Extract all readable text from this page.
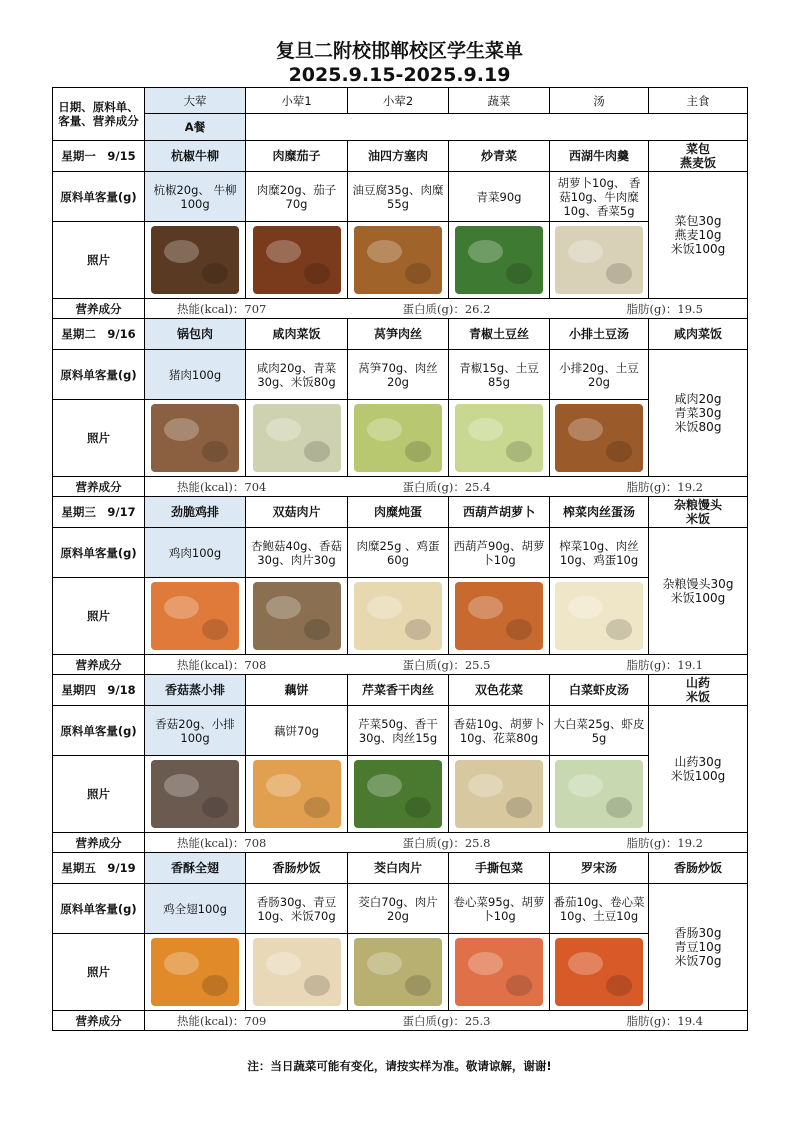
复旦二附校邯郸校区学生菜单
2025.9.15-2025.9.19
日期、原料单、客量、营养成分	大荤	小荤1	小荤2	蔬菜	汤	主食
	A餐					
星期一　9/15	杭椒牛柳	肉糜茄子	油四方塞肉	炒青菜	西湖牛肉羹	菜包
燕麦饭
原料单客量(g)	杭椒20g、 牛柳100g	肉糜20g、茄子70g	油豆腐35g、肉糜55g	青菜90g	胡萝卜10g、 香菇10g、牛肉糜10g、香菜5g	菜包30g
燕麦10g
米饭100g
照片		

营养成分	热能(kcal)：707 蛋白质(g)：26.2 脂肪(g)：19.5					

星期二　9/16	锅包肉	咸肉菜饭	莴笋肉丝	青椒土豆丝	小排土豆汤	咸肉菜饭
原料单客量(g)	猪肉100g	咸肉20g、青菜30g、米饭80g	莴笋70g、肉丝20g	青椒15g、土豆85g	小排20g、土豆20g	咸肉20g
青菜30g
米饭80g
照片		

营养成分	热能(kcal)：704 蛋白质(g)：25.4 脂肪(g)：19.2					

星期三　9/17	劲脆鸡排	双菇肉片	肉糜炖蛋	西葫芦胡萝卜	榨菜肉丝蛋汤	杂粮馒头
米饭
原料单客量(g)	鸡肉100g	杏鲍菇40g、香菇30g、肉片30g	肉糜25g 、鸡蛋60g	西葫芦90g、胡萝卜10g	榨菜10g、肉丝10g、鸡蛋10g	杂粮馒头30g
米饭100g
照片		

营养成分	热能(kcal)：708 蛋白质(g)：25.5 脂肪(g)：19.1					

星期四　9/18	香菇蒸小排	藕饼	芹菜香干肉丝	双色花菜	白菜虾皮汤	山药
米饭
原料单客量(g)	香菇20g、小排100g	藕饼70g	芹菜50g、香干30g、肉丝15g	香菇10g、胡萝卜10g、花菜80g	大白菜25g、虾皮5g	山药30g
米饭100g
照片		

营养成分	热能(kcal)：708 蛋白质(g)：25.8 脂肪(g)：19.2					

星期五　9/19	香酥全翅	香肠炒饭	茭白肉片	手撕包菜	罗宋汤	香肠炒饭
原料单客量(g)	鸡全翅100g	香肠30g、青豆10g、米饭70g	茭白70g、肉片20g	卷心菜95g、胡萝卜10g	番茄10g、卷心菜10g、土豆10g	香肠30g
青豆10g
米饭70g
照片		

营养成分	热能(kcal)：709 蛋白质(g)：25.3 脂肪(g)：19.4					
注：当日蔬菜可能有变化，请按实样为准。敬请谅解，谢谢!
